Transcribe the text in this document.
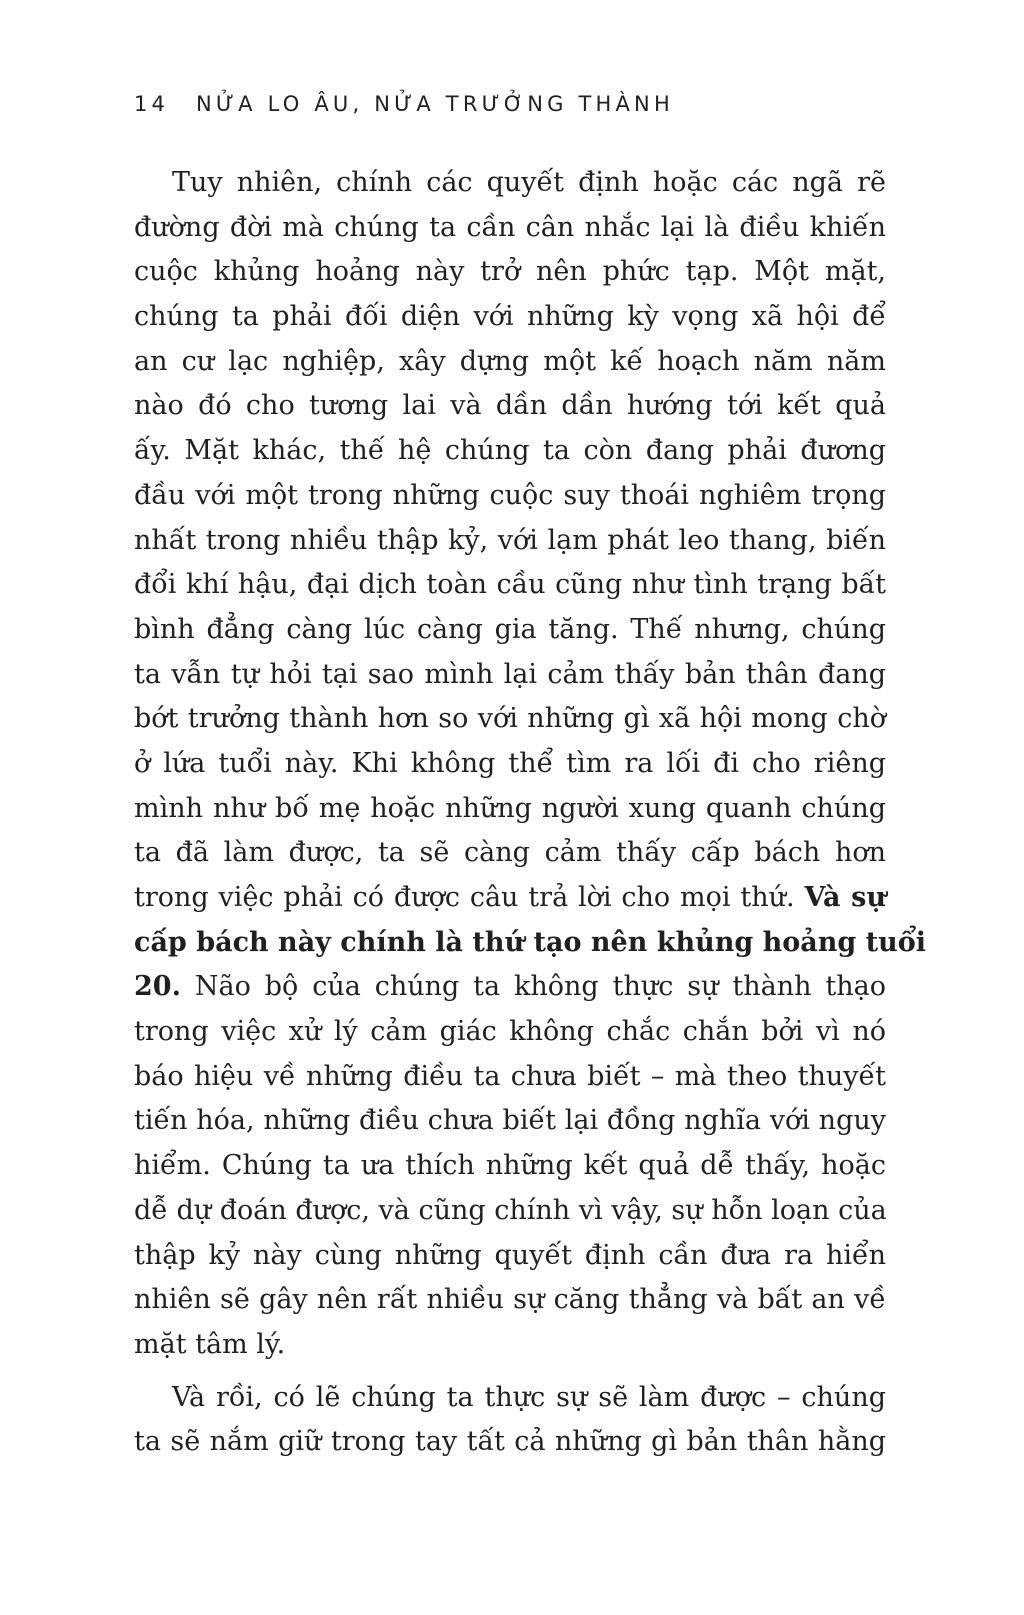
14 NỬA LO ÂU, NỬA TRƯỞNG THÀNH
Tuy nhiên, chính các quyết định hoặc các ngã rẽ
đường đời mà chúng ta cần cân nhắc lại là điều khiến
cuộc khủng hoảng này trở nên phức tạp. Một mặt,
chúng ta phải đối diện với những kỳ vọng xã hội để
an cư lạc nghiệp, xây dựng một kế hoạch năm năm
nào đó cho tương lai và dần dần hướng tới kết quả
ấy. Mặt khác, thế hệ chúng ta còn đang phải đương
đầu với một trong những cuộc suy thoái nghiêm trọng
nhất trong nhiều thập kỷ, với lạm phát leo thang, biến
đổi khí hậu, đại dịch toàn cầu cũng như tình trạng bất
bình đẳng càng lúc càng gia tăng. Thế nhưng, chúng
ta vẫn tự hỏi tại sao mình lại cảm thấy bản thân đang
bớt trưởng thành hơn so với những gì xã hội mong chờ
ở lứa tuổi này. Khi không thể tìm ra lối đi cho riêng
mình như bố mẹ hoặc những người xung quanh chúng
ta đã làm được, ta sẽ càng cảm thấy cấp bách hơn
trong việc phải có được câu trả lời cho mọi thứ. Và sự
cấp bách này chính là thứ tạo nên khủng hoảng tuổi
20. Não bộ của chúng ta không thực sự thành thạo
trong việc xử lý cảm giác không chắc chắn bởi vì nó
báo hiệu về những điều ta chưa biết – mà theo thuyết
tiến hóa, những điều chưa biết lại đồng nghĩa với nguy
hiểm. Chúng ta ưa thích những kết quả dễ thấy, hoặc
dễ dự đoán được, và cũng chính vì vậy, sự hỗn loạn của
thập kỷ này cùng những quyết định cần đưa ra hiển
nhiên sẽ gây nên rất nhiều sự căng thẳng và bất an về
mặt tâm lý.
Và rồi, có lẽ chúng ta thực sự sẽ làm được – chúng
ta sẽ nắm giữ trong tay tất cả những gì bản thân hằng
